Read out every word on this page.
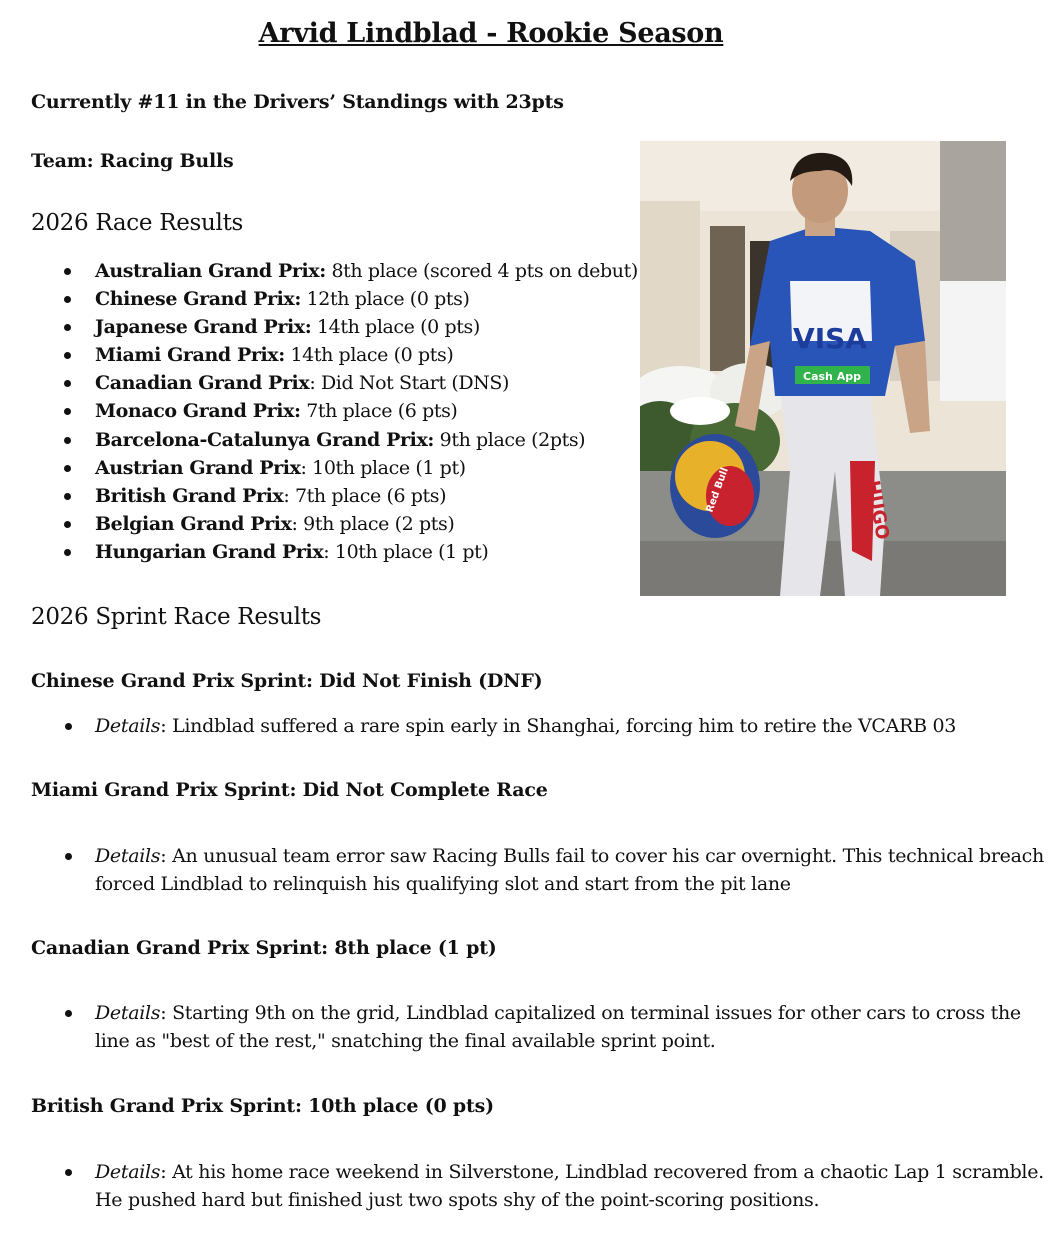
Arvid Lindblad - Rookie Season
Currently #11 in the Drivers’ Standings with 23pts
Team: Racing Bulls
2026 Race Results
Australian Grand Prix: 8th place (scored 4 pts on debut)
Chinese Grand Prix: 12th place (0 pts)
Japanese Grand Prix: 14th place (0 pts)
Miami Grand Prix: 14th place (0 pts)
Canadian Grand Prix: Did Not Start (DNS)
Monaco Grand Prix: 7th place (6 pts)
Barcelona-Catalunya Grand Prix: 9th place (2pts)
Austrian Grand Prix: 10th place (1 pt)
British Grand Prix: 7th place (6 pts)
Belgian Grand Prix: 9th place (2 pts)
Hungarian Grand Prix: 10th place (1 pt)
VISA
Cash App
Red Bull	HUGO
2026 Sprint Race Results
Chinese Grand Prix Sprint: Did Not Finish (DNF)
Details: Lindblad suffered a rare spin early in Shanghai, forcing him to retire the VCARB 03
Miami Grand Prix Sprint: Did Not Complete Race
Details: An unusual team error saw Racing Bulls fail to cover his car overnight. This technical breach forced Lindblad to relinquish his qualifying slot and start from the pit lane
Canadian Grand Prix Sprint: 8th place (1 pt)
Details: Starting 9th on the grid, Lindblad capitalized on terminal issues for other cars to cross the line as "best of the rest," snatching the final available sprint point.
British Grand Prix Sprint: 10th place (0 pts)
Details: At his home race weekend in Silverstone, Lindblad recovered from a chaotic Lap 1 scramble. He pushed hard but finished just two spots shy of the point-scoring positions.
